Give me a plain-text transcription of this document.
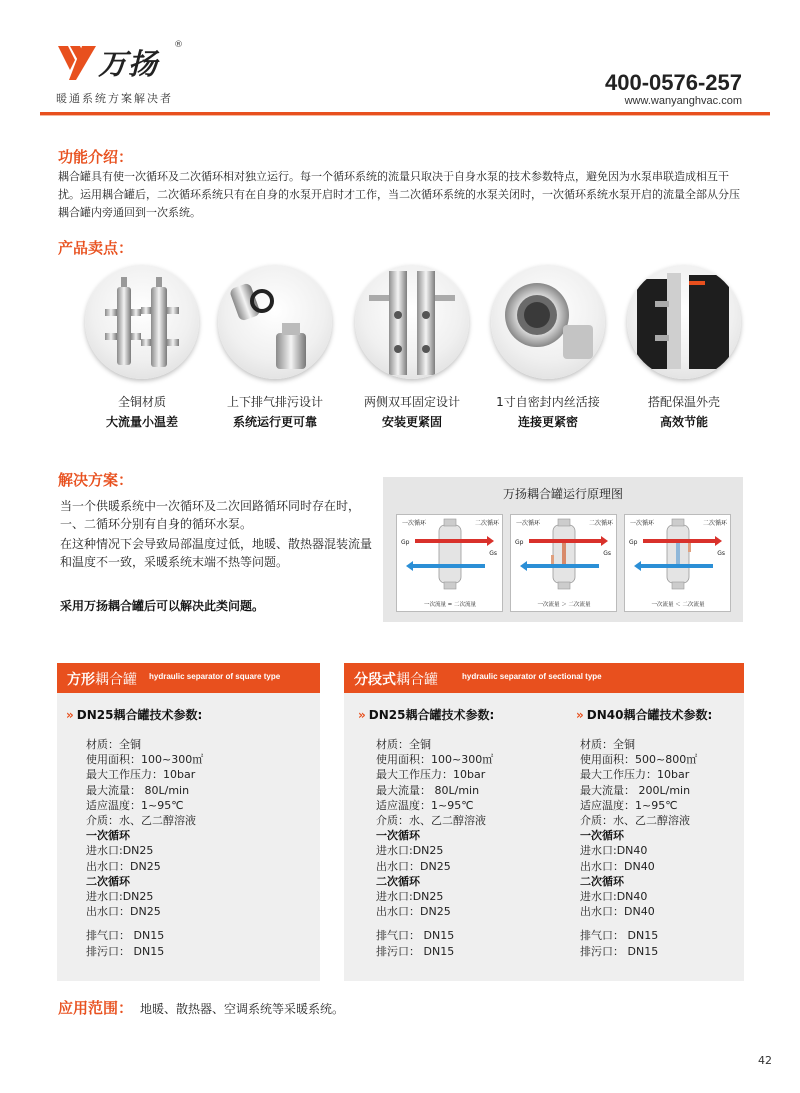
万扬
®
暖通系统方案解决者
400-0576-257
www.wanyanghvac.com
功能介绍：
耦合罐具有使一次循环及二次循环相对独立运行。每一个循环系统的流量只取决于自身水泵的技术参数特点，避免因为水泵串联造成相互干扰。运用耦合罐后，二次循环系统只有在自身的水泵开启时才工作，当二次循环系统的水泵关闭时，一次循环系统水泵开启的流量全部从分压耦合罐内旁通回到一次系统。
产品卖点：
全铜材质
大流量小温差
上下排气排污设计
系统运行更可靠
两侧双耳固定设计
安装更紧固
1寸自密封内丝活接
连接更紧密
搭配保温外壳
高效节能
解决方案：
当一个供暖系统中一次循环及二次回路循环同时存在时，一、二循环分别有自身的循环水泵。
在这种情况下会导致局部温度过低，地暖、散热器混装流量和温度不一致，采暖系统末端不热等问题。
采用万扬耦合罐后可以解决此类问题。
万扬耦合罐运行原理图
一次循环	二次循环
Gp
Gs
一次流量 = 二次流量
一次循环	二次循环
Gp
Gs
一次流量 ＞ 二次流量
一次循环	二次循环
Gp
Gs
一次流量 ＜ 二次流量
方形耦合罐 hydraulic separator of square type	分段式耦合罐	hydraulic separator of sectional type
» DN25耦合罐技术参数:
材质：全铜
使用面积：100~300㎡
最大工作压力：10bar
最大流量： 80L/min
适应温度：1~95℃
介质：水、乙二醇溶液
一次循环
进水口:DN25
出水口：DN25
二次循环
进水口:DN25
出水口：DN25
排气口： DN15
排污口： DN15
» DN25耦合罐技术参数:
材质：全铜
使用面积：100~300㎡
最大工作压力：10bar
最大流量： 80L/min
适应温度：1~95℃
介质：水、乙二醇溶液
一次循环
进水口:DN25
出水口：DN25
二次循环
进水口:DN25
出水口：DN25
排气口： DN15
排污口： DN15
» DN40耦合罐技术参数:
材质：全铜
使用面积：500~800㎡
最大工作压力：10bar
最大流量： 200L/min
适应温度：1~95℃
介质：水、乙二醇溶液
一次循环
进水口:DN40
出水口：DN40
二次循环
进水口:DN40
出水口：DN40
排气口： DN15
排污口： DN15
应用范围： 地暖、散热器、空调系统等采暖系统。
42
